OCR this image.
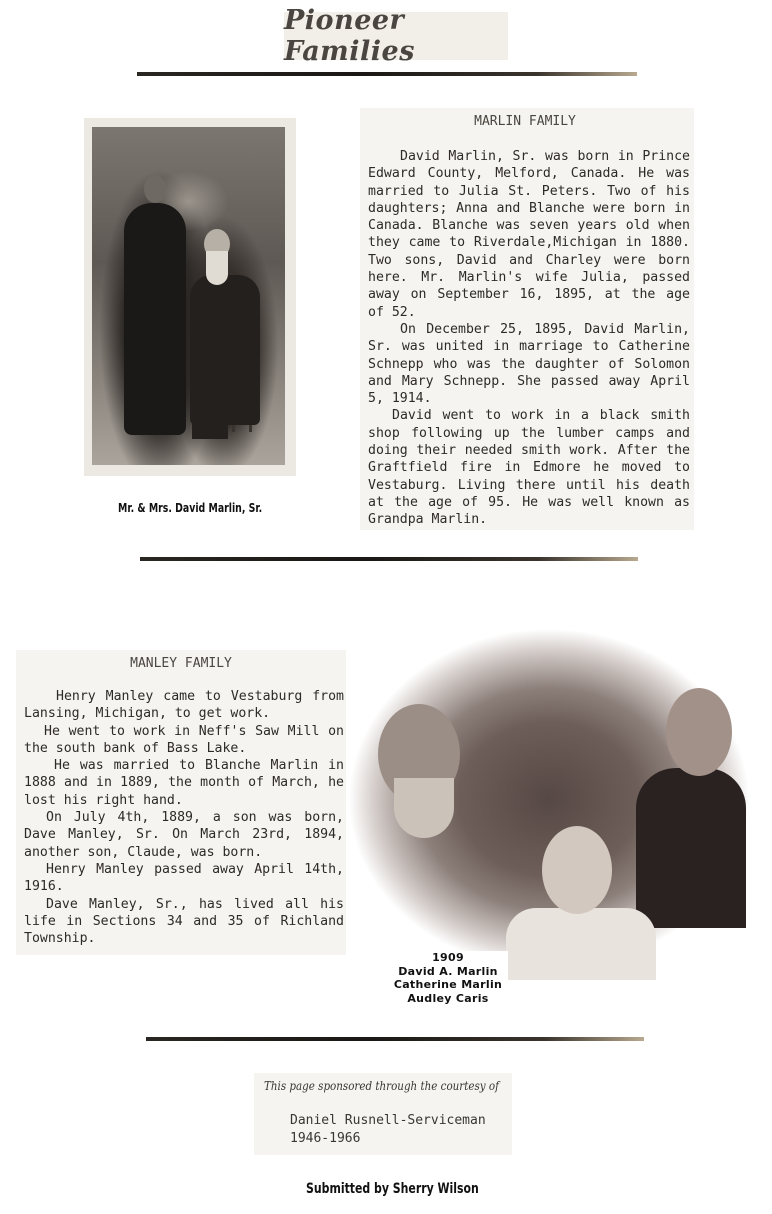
Pioneer Families
Mr. & Mrs. David Marlin, Sr.
MARLIN FAMILY

David Marlin, Sr. was born in Prince Edward County, Melford, Canada. He was married to Julia St. Peters. Two of his daughters; Anna and Blanche were born in Canada. Blanche was seven years old when they came to Riverdale,Michigan in 1880. Two sons, David and Charley were born here. Mr. Marlin's wife Julia, passed away on September 16, 1895, at the age of 52.

On December 25, 1895, David Marlin, Sr. was united in marriage to Catherine Schnepp who was the daughter of Solomon and Mary Schnepp. She passed away April 5, 1914.

David went to work in a black smith shop following up the lumber camps and doing their needed smith work. After the Graftfield fire in Edmore he moved to Vestaburg. Living there until his death at the age of 95. He was well known as Grandpa Marlin.

MANLEY FAMILY

Henry Manley came to Vestaburg from Lansing, Michigan, to get work.

He went to work in Neff's Saw Mill on the south bank of Bass Lake.

He was married to Blanche Marlin in 1888 and in 1889, the month of March, he lost his right hand.

On July 4th, 1889, a son was born, Dave Manley, Sr. On March 23rd, 1894, another son, Claude, was born.

Henry Manley passed away April 14th, 1916.

Dave Manley, Sr., has lived all his life in Sections 34 and 35 of Richland Township.

1909
David A. Marlin
Catherine Marlin
Audley Caris
This page sponsored through the courtesy of
Daniel Rusnell-Serviceman
1946-1966
Submitted by Sherry Wilson
